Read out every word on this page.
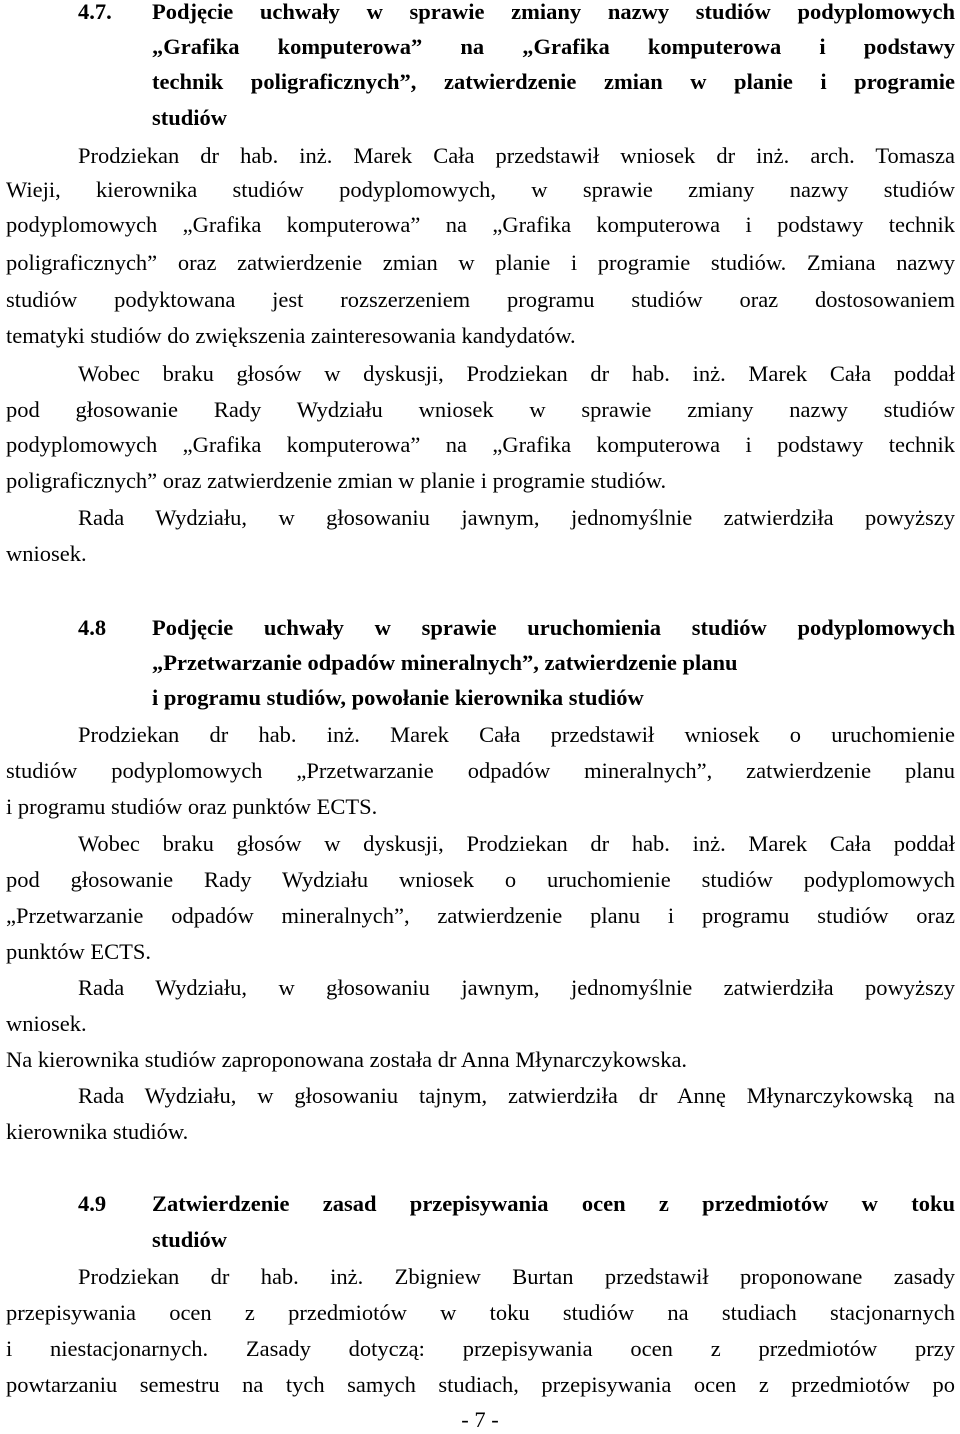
4.7. Podjęcie uchwały w sprawie zmiany nazwy studiów podyplomowych
„Grafika komputerowa” na „Grafika komputerowa i podstawy
technik poligraficznych”, zatwierdzenie zmian w planie i programie
studiów
Prodziekan dr hab. inż. Marek Cała przedstawił wniosek dr inż. arch. Tomasza
Wieji, kierownika studiów podyplomowych, w sprawie zmiany nazwy studiów
podyplomowych „Grafika komputerowa” na „Grafika komputerowa i podstawy technik
poligraficznych” oraz zatwierdzenie zmian w planie i programie studiów. Zmiana nazwy
studiów podyktowana jest rozszerzeniem programu studiów oraz dostosowaniem
tematyki studiów do zwiększenia zainteresowania kandydatów.
Wobec braku głosów w dyskusji, Prodziekan dr hab. inż. Marek Cała poddał
pod głosowanie Rady Wydziału wniosek w sprawie zmiany nazwy studiów
podyplomowych „Grafika komputerowa” na „Grafika komputerowa i podstawy technik
poligraficznych” oraz zatwierdzenie zmian w planie i programie studiów.
Rada Wydziału, w głosowaniu jawnym, jednomyślnie zatwierdziła powyższy
wniosek.
4.8 Podjęcie uchwały w sprawie uruchomienia studiów podyplomowych
„Przetwarzanie odpadów mineralnych”, zatwierdzenie planu
i programu studiów, powołanie kierownika studiów
Prodziekan dr hab. inż. Marek Cała przedstawił wniosek o uruchomienie
studiów podyplomowych „Przetwarzanie odpadów mineralnych”, zatwierdzenie planu
i programu studiów oraz punktów ECTS.
Wobec braku głosów w dyskusji, Prodziekan dr hab. inż. Marek Cała poddał
pod głosowanie Rady Wydziału wniosek o uruchomienie studiów podyplomowych
„Przetwarzanie odpadów mineralnych”, zatwierdzenie planu i programu studiów oraz
punktów ECTS.
Rada Wydziału, w głosowaniu jawnym, jednomyślnie zatwierdziła powyższy
wniosek.
Na kierownika studiów zaproponowana została dr Anna Młynarczykowska.
Rada Wydziału, w głosowaniu tajnym, zatwierdziła dr Annę Młynarczykowską na
kierownika studiów.
4.9 Zatwierdzenie zasad przepisywania ocen z przedmiotów w toku
studiów
Prodziekan dr hab. inż. Zbigniew Burtan przedstawił proponowane zasady
przepisywania ocen z przedmiotów w toku studiów na studiach stacjonarnych
i niestacjonarnych. Zasady dotyczą: przepisywania ocen z przedmiotów przy
powtarzaniu semestru na tych samych studiach, przepisywania ocen z przedmiotów po
- 7 -
